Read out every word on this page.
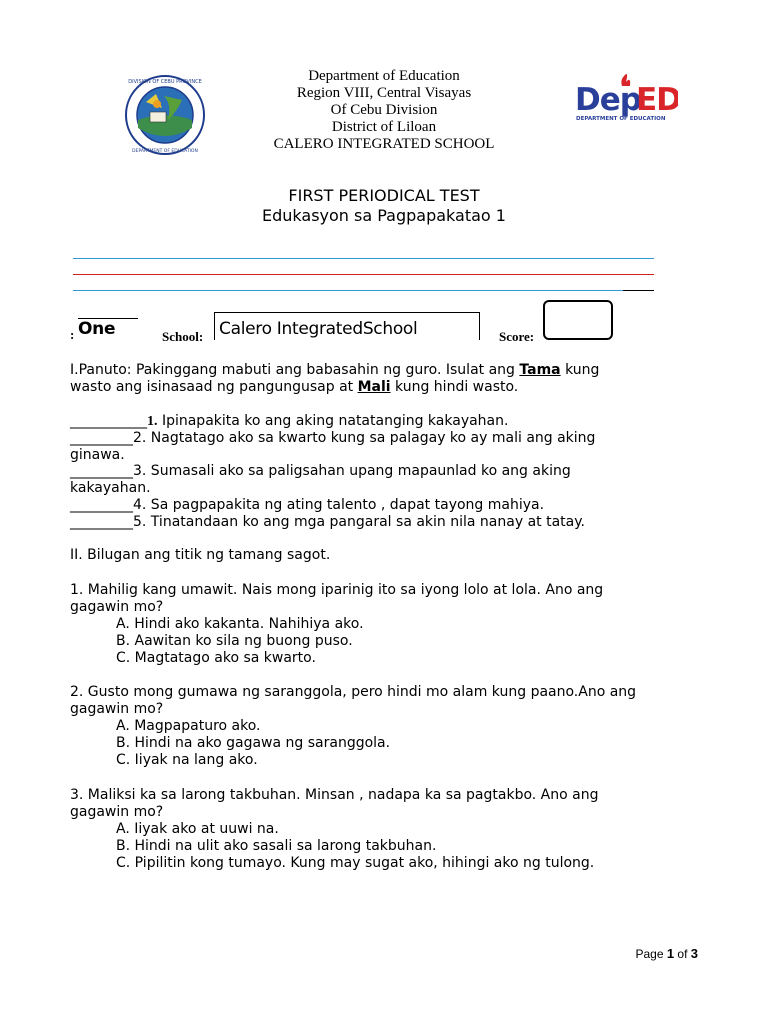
DIVISION OF CEBU PROVINCE
DEPARTMENT OF EDUCATION
Department of Education
Region VIII, Central Visayas
Of Cebu Division
District of Liloan
CALERO INTEGRATED SCHOOL
Dep
ED
DEPARTMENT OF EDUCATION
FIRST PERIODICAL TEST
Edukasyon sa Pagpapakatao 1
: One	School: Calero IntegratedSchool	Score:
I.Panuto: Pakinggang mabuti ang babasahin ng guro. Isulat ang Tama kung
wasto ang isinasaad ng pangungusap at Mali kung hindi wasto.
___________1. Ipinapakita ko ang aking natatanging kakayahan.
_________2. Nagtatago ako sa kwarto kung sa palagay ko ay mali ang aking
ginawa.
_________3. Sumasali ako sa paligsahan upang mapaunlad ko ang aking
kakayahan.
_________4. Sa pagpapakita ng ating talento , dapat tayong mahiya.
_________5. Tinatandaan ko ang mga pangaral sa akin nila nanay at tatay.
II. Bilugan ang titik ng tamang sagot.
1. Mahilig kang umawit. Nais mong iparinig ito sa iyong lolo at lola. Ano ang
gagawin mo?
A. Hindi ako kakanta. Nahihiya ako.
B. Aawitan ko sila ng buong puso.
C. Magtatago ako sa kwarto.
2. Gusto mong gumawa ng saranggola, pero hindi mo alam kung paano.Ano ang
gagawin mo?
A. Magpapaturo ako.
B. Hindi na ako gagawa ng saranggola.
C. Iiyak na lang ako.
3. Maliksi ka sa larong takbuhan. Minsan , nadapa ka sa pagtakbo. Ano ang
gagawin mo?
A. Iiyak ako at uuwi na.
B. Hindi na ulit ako sasali sa larong takbuhan.
C. Pipilitin kong tumayo. Kung may sugat ako, hihingi ako ng tulong.
Page 1 of 3
